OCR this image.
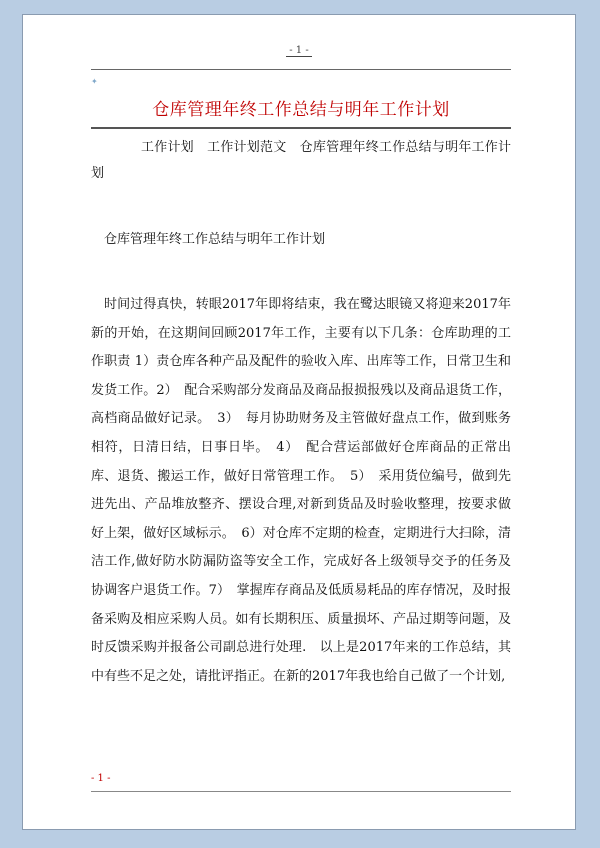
- 1 -
✦
仓库管理年终工作总结与明年工作计划
工作计划　工作计划范文　仓库管理年终工作总结与明年工作计划
仓库管理年终工作总结与明年工作计划
时间过得真快，转眼2017年即将结束，我在鹭达眼镜又将迎来2017年新的开始，在这期间回顾2017年工作，主要有以下几条：仓库助理的工作职责 1）责仓库各种产品及配件的验收入库、出库等工作，日常卫生和发货工作。2）　配合采购部分发商品及商品报损报残以及商品退货工作，高档商品做好记录。　3）　每月协助财务及主管做好盘点工作，做到账务相符，日清日结，日事日毕。　4）　配合营运部做好仓库商品的正常出库、退货、搬运工作，做好日常管理工作。　5）　采用货位编号，做到先进先出、产品堆放整齐、摆设合理,对新到货品及时验收整理，按要求做好上架，做好区域标示。　6）对仓库不定期的检查，定期进行大扫除，清洁工作,做好防水防漏防盗等安全工作，完成好各上级领导交予的任务及协调客户退货工作。7）　掌握库存商品及低质易耗品的库存情况，及时报备采购及相应采购人员。如有长期积压、质量损坏、产品过期等问题，及时反馈采购并报备公司副总进行处理.　以上是2017年来的工作总结，其中有些不足之处，请批评指正。在新的2017年我也给自己做了一个计划,
- 1 -
